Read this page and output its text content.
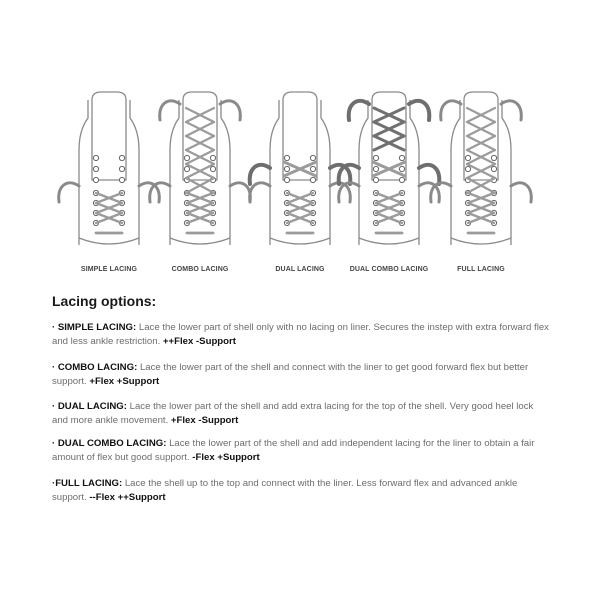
SIMPLE LACING	COMBO LACING	DUAL LACING	DUAL COMBO LACING	FULL LACING
Lacing options:
· SIMPLE LACING: Lace the lower part of shell only with no lacing on liner. Secures the instep with extra forward flex and less ankle restriction. ++Flex -Support
· COMBO LACING: Lace the lower part of the shell and connect with the liner to get good forward flex but better support. +Flex +Support
· DUAL LACING: Lace the lower part of the shell and add extra lacing for the top of the shell. Very good heel lock and more ankle movement. +Flex -Support
· DUAL COMBO LACING: Lace the lower part of the shell and add independent lacing for the liner to obtain a fair amount of flex but good support. -Flex +Support
·FULL LACING: Lace the shell up to the top and connect with the liner. Less forward flex and advanced ankle support. --Flex ++Support
